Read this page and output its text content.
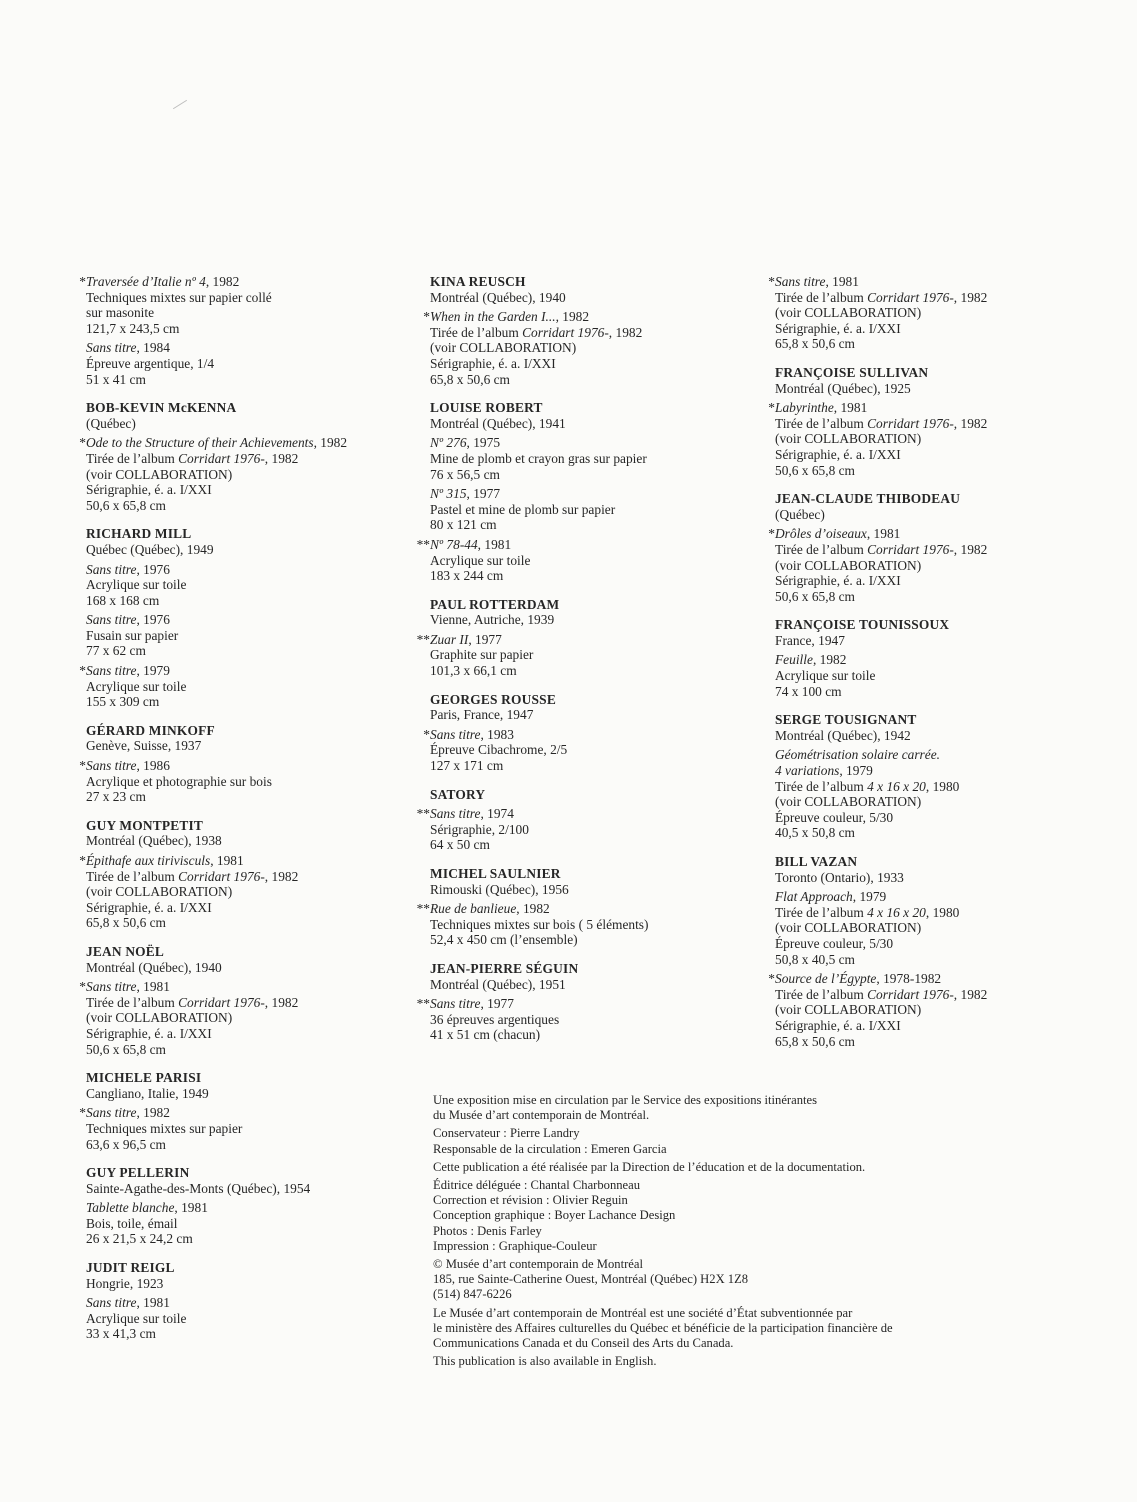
* Traversée d’Italie nº 4, 1982
Techniques mixtes sur papier collé
sur masonite
121,7 x 243,5 cm
Sans titre, 1984
Épreuve argentique, 1/4
51 x 41 cm
BOB-KEVIN McKENNA
(Québec)
* Ode to the Structure of their Achievements, 1982
Tirée de l’album Corridart 1976-, 1982
(voir COLLABORATION)
Sérigraphie, é. a. I/XXI
50,6 x 65,8 cm
RICHARD MILL
Québec (Québec), 1949
Sans titre, 1976
Acrylique sur toile
168 x 168 cm
Sans titre, 1976
Fusain sur papier
77 x 62 cm
* Sans titre, 1979
Acrylique sur toile
155 x 309 cm
GÉRARD MINKOFF
Genève, Suisse, 1937
* Sans titre, 1986
Acrylique et photographie sur bois
27 x 23 cm
GUY MONTPETIT
Montréal (Québec), 1938
* Épithafe aux tirivisculs, 1981
Tirée de l’album Corridart 1976-, 1982
(voir COLLABORATION)
Sérigraphie, é. a. I/XXI
65,8 x 50,6 cm
JEAN NOËL
Montréal (Québec), 1940
* Sans titre, 1981
Tirée de l’album Corridart 1976-, 1982
(voir COLLABORATION)
Sérigraphie, é. a. I/XXI
50,6 x 65,8 cm
MICHELE PARISI
Cangliano, Italie, 1949
* Sans titre, 1982
Techniques mixtes sur papier
63,6 x 96,5 cm
GUY PELLERIN
Sainte-Agathe-des-Monts (Québec), 1954
Tablette blanche, 1981
Bois, toile, émail
26 x 21,5 x 24,2 cm
JUDIT REIGL
Hongrie, 1923
Sans titre, 1981
Acrylique sur toile
33 x 41,3 cm
KINA REUSCH
Montréal (Québec), 1940
* When in the Garden I..., 1982
Tirée de l’album Corridart 1976-, 1982
(voir COLLABORATION)
Sérigraphie, é. a. I/XXI
65,8 x 50,6 cm
LOUISE ROBERT
Montréal (Québec), 1941
Nº 276, 1975
Mine de plomb et crayon gras sur papier
76 x 56,5 cm
Nº 315, 1977
Pastel et mine de plomb sur papier
80 x 121 cm
** Nº 78-44, 1981
Acrylique sur toile
183 x 244 cm
PAUL ROTTERDAM
Vienne, Autriche, 1939
** Zuar II, 1977
Graphite sur papier
101,3 x 66,1 cm
GEORGES ROUSSE
Paris, France, 1947
* Sans titre, 1983
Épreuve Cibachrome, 2/5
127 x 171 cm
SATORY
** Sans titre, 1974
Sérigraphie, 2/100
64 x 50 cm
MICHEL SAULNIER
Rimouski (Québec), 1956
** Rue de banlieue, 1982
Techniques mixtes sur bois ( 5 éléments)
52,4 x 450 cm (l’ensemble)
JEAN-PIERRE SÉGUIN
Montréal (Québec), 1951
** Sans titre, 1977
36 épreuves argentiques
41 x 51 cm (chacun)
* Sans titre, 1981
Tirée de l’album Corridart 1976-, 1982
(voir COLLABORATION)
Sérigraphie, é. a. I/XXI
65,8 x 50,6 cm
FRANÇOISE SULLIVAN
Montréal (Québec), 1925
* Labyrinthe, 1981
Tirée de l’album Corridart 1976-, 1982
(voir COLLABORATION)
Sérigraphie, é. a. I/XXI
50,6 x 65,8 cm
JEAN-CLAUDE THIBODEAU
(Québec)
* Drôles d’oiseaux, 1981
Tirée de l’album Corridart 1976-, 1982
(voir COLLABORATION)
Sérigraphie, é. a. I/XXI
50,6 x 65,8 cm
FRANÇOISE TOUNISSOUX
France, 1947
Feuille, 1982
Acrylique sur toile
74 x 100 cm
SERGE TOUSIGNANT
Montréal (Québec), 1942
Géométrisation solaire carrée.
4 variations, 1979
Tirée de l’album 4 x 16 x 20, 1980
(voir COLLABORATION)
Épreuve couleur, 5/30
40,5 x 50,8 cm
BILL VAZAN
Toronto (Ontario), 1933
Flat Approach, 1979
Tirée de l’album 4 x 16 x 20, 1980
(voir COLLABORATION)
Épreuve couleur, 5/30
50,8 x 40,5 cm
* Source de l’Égypte, 1978-1982
Tirée de l’album Corridart 1976-, 1982
(voir COLLABORATION)
Sérigraphie, é. a. I/XXI
65,8 x 50,6 cm
Une exposition mise en circulation par le Service des expositions itinérantes
du Musée d’art contemporain de Montréal.
Conservateur : Pierre Landry
Responsable de la circulation : Emeren Garcia
Cette publication a été réalisée par la Direction de l’éducation et de la documentation.
Éditrice déléguée : Chantal Charbonneau
Correction et révision : Olivier Reguin
Conception graphique : Boyer Lachance Design
Photos : Denis Farley
Impression : Graphique-Couleur
© Musée d’art contemporain de Montréal
185, rue Sainte-Catherine Ouest, Montréal (Québec) H2X 1Z8
(514) 847-6226
Le Musée d’art contemporain de Montréal est une société d’État subventionnée par
le ministère des Affaires culturelles du Québec et bénéficie de la participation financière de
Communications Canada et du Conseil des Arts du Canada.
This publication is also available in English.
